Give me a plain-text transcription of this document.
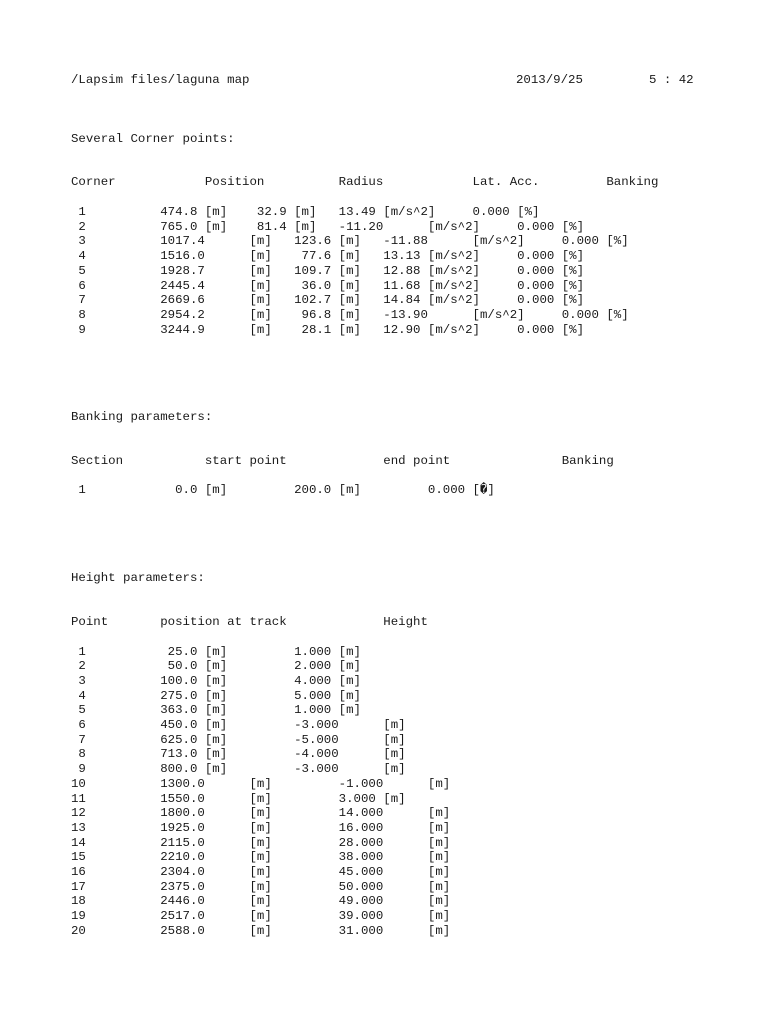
/Lapsim files/laguna map	2013/9/25	5 : 42
Several Corner points:
Corner            Position          Radius            Lat. Acc.         Banking
1          474.8 [m]    32.9 [m]   13.49 [m/s^2]     0.000 [%]
2          765.0 [m]    81.4 [m]   -11.20      [m/s^2]     0.000 [%]
3          1017.4      [m]   123.6 [m]   -11.88      [m/s^2]     0.000 [%]
4          1516.0      [m]    77.6 [m]   13.13 [m/s^2]     0.000 [%]
5          1928.7      [m]   109.7 [m]   12.88 [m/s^2]     0.000 [%]
6          2445.4      [m]    36.0 [m]   11.68 [m/s^2]     0.000 [%]
7          2669.6      [m]   102.7 [m]   14.84 [m/s^2]     0.000 [%]
8          2954.2      [m]    96.8 [m]   -13.90      [m/s^2]     0.000 [%]
9          3244.9      [m]    28.1 [m]   12.90 [m/s^2]     0.000 [%]
Banking parameters:
Section           start point             end point               Banking
1            0.0 [m]         200.0 [m]         0.000 [�]
Height parameters:
Point       position at track             Height
1           25.0 [m]         1.000 [m]
2           50.0 [m]         2.000 [m]
3          100.0 [m]         4.000 [m]
4          275.0 [m]         5.000 [m]
5          363.0 [m]         1.000 [m]
6          450.0 [m]         -3.000      [m]
7          625.0 [m]         -5.000      [m]
8          713.0 [m]         -4.000      [m]
9          800.0 [m]         -3.000      [m]
10          1300.0      [m]         -1.000      [m]
11          1550.0      [m]         3.000 [m]
12          1800.0      [m]         14.000      [m]
13          1925.0      [m]         16.000      [m]
14          2115.0      [m]         28.000      [m]
15          2210.0      [m]         38.000      [m]
16          2304.0      [m]         45.000      [m]
17          2375.0      [m]         50.000      [m]
18          2446.0      [m]         49.000      [m]
19          2517.0      [m]         39.000      [m]
20          2588.0      [m]         31.000      [m]
